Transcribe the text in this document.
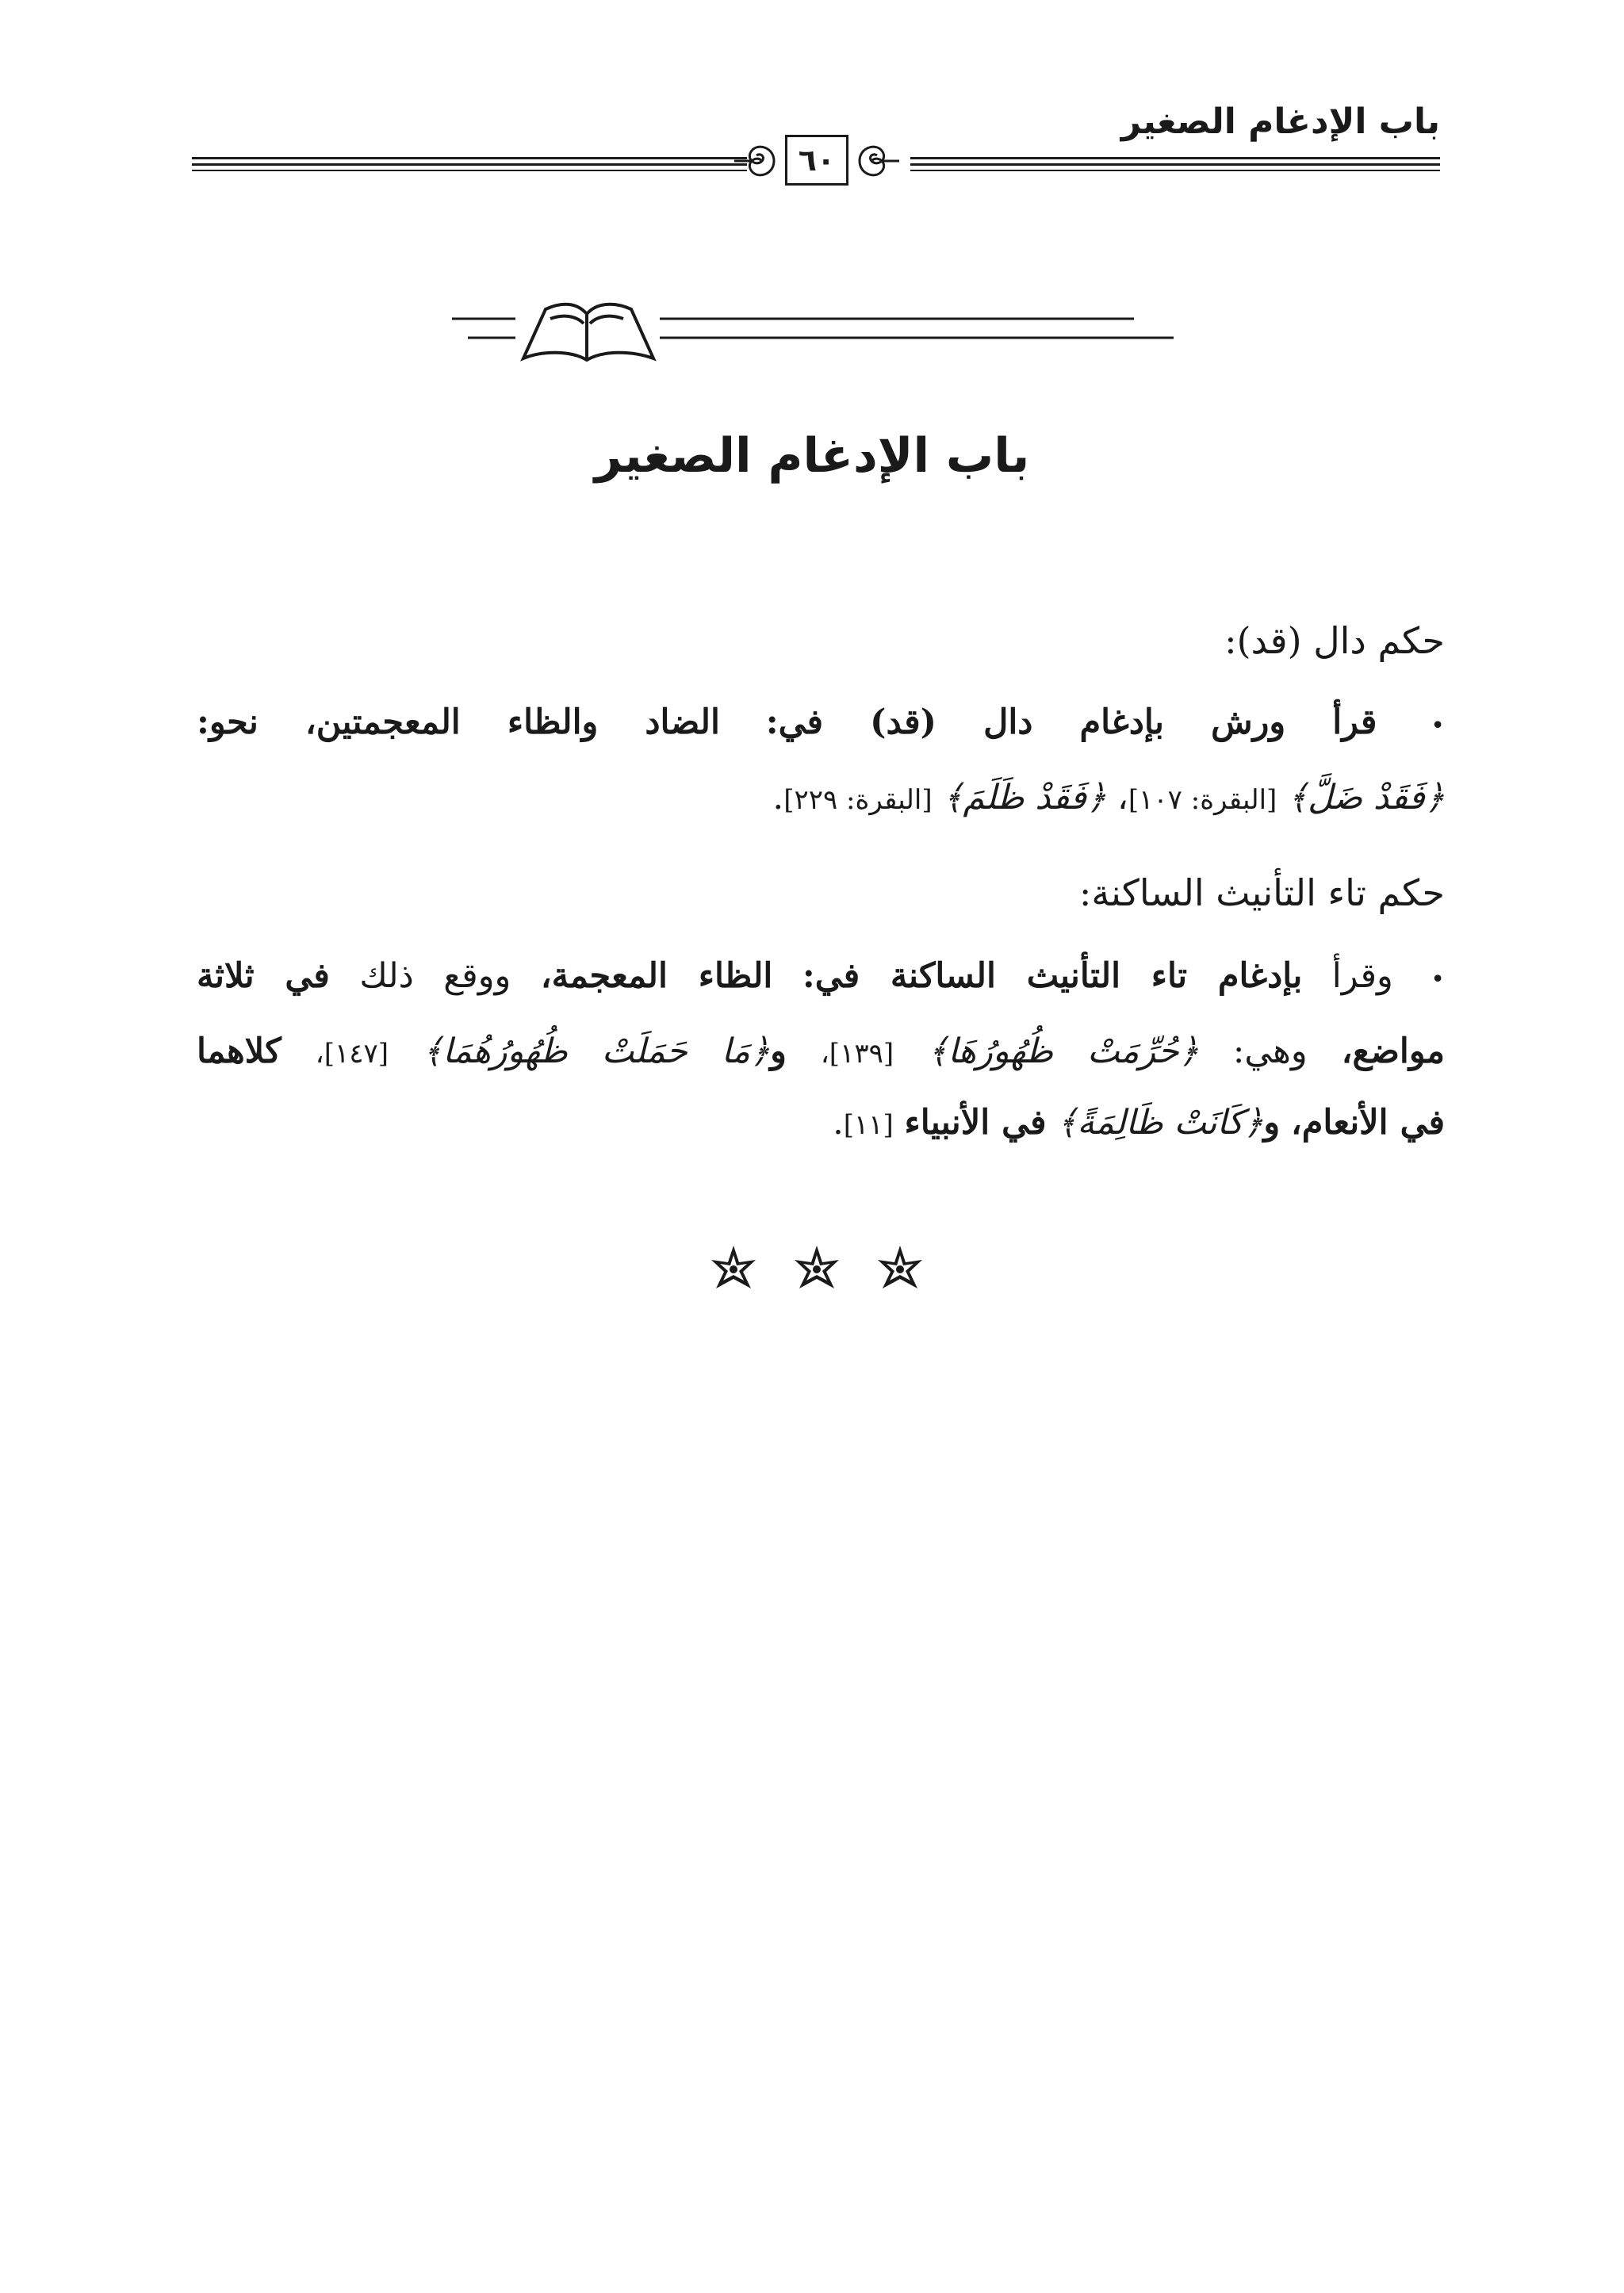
باب الإدغام الصغير
٦٠
باب الإدغام الصغير
حكم دال (قد):
• قرأ ورش بإدغام دال (قد) في: الضاد والظاء المعجمتين، نحو:
﴿فَقَدْ ضَلَّ﴾ [البقرة: ١٠٧]، ﴿فَقَدْ ظَلَمَ﴾ [البقرة: ٢٢٩].
حكم تاء التأنيث الساكنة:
• وقرأ بإدغام تاء التأنيث الساكنة في: الظاء المعجمة، ووقع ذلك في ثلاثة
مواضع، وهي: ﴿حُرِّمَتْ ظُهُورُهَا﴾ [١٣٩]، و﴿مَا حَمَلَتْ ظُهُورُهُمَا﴾ [١٤٧]، كلاهما
في الأنعام، و﴿كَانَتْ ظَالِمَةً﴾ في الأنبياء [١١].
